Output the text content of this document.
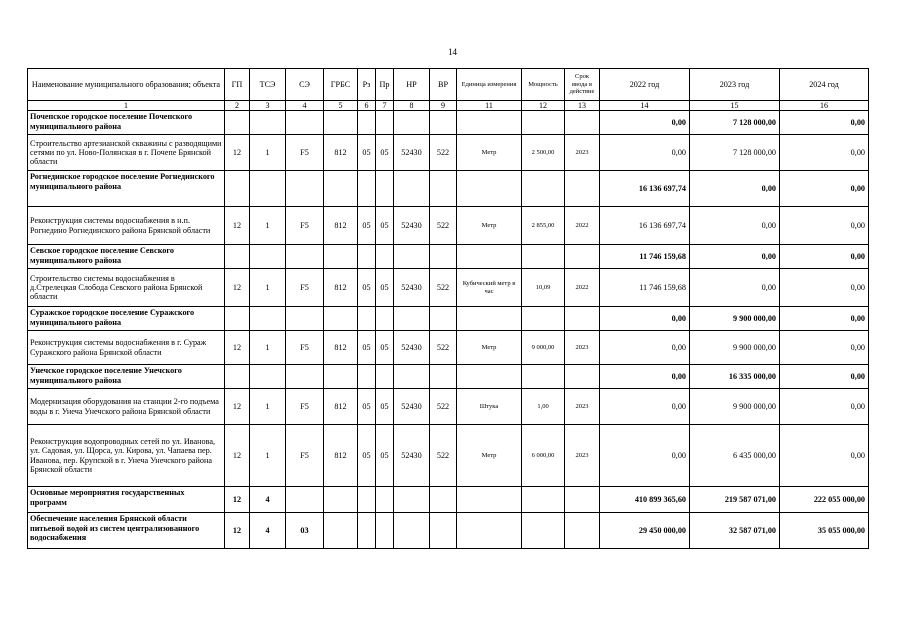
14
Наименование муниципального образования; объекта	ГП	ТСЭ	СЭ	ГРБС	Рз	Пр	НР	ВР	Единица измерения	Мощность	Срок ввода в действие	2022 год	2023 год	2024 год
1	2	3	4	5	6	7	8	9	11	12	13	14	15	16
Почепское городское поселение Почепского муниципального района												0,00	7 128 000,00	0,00
Строительство артезианской скважины с разводящими сетями по ул. Ново-Полянская в г. Почепе Брянской области	12	1	F5	812	05	05	52430	522	Метр	2 500,00	2023	0,00	7 128 000,00	0,00
Рогнединское городское поселение Рогнединского муниципального района												16 136 697,74	0,00	0,00
Реконструкция системы водоснабжения в н.п. Рогнедино Рогнединского района Брянской области	12	1	F5	812	05	05	52430	522	Метр	2 855,00	2022	16 136 697,74	0,00	0,00
Севское городское поселение Севского муниципального района												11 746 159,68	0,00	0,00
Строительство системы водоснабжения в д.Стрелецкая Слобода Севского района Брянской области	12	1	F5	812	05	05	52430	522	Кубический метр в час	10,09	2022	11 746 159,68	0,00	0,00
Суражское городское поселение Суражского муниципального района												0,00	9 900 000,00	0,00
Реконструкция системы водоснабжения в г. Сураж Суражского района Брянской области	12	1	F5	812	05	05	52430	522	Метр	9 000,00	2023	0,00	9 900 000,00	0,00
Унечское городское поселение Унечского муниципального района												0,00	16 335 000,00	0,00
Модернизация оборудования на станции 2-го подъема воды в г. Унеча Унечского района Брянской области	12	1	F5	812	05	05	52430	522	Штука	1,00	2023	0,00	9 900 000,00	0,00
Реконструкция водопроводных сетей по ул. Иванова, ул. Садовая, ул. Щорса, ул. Кирова, ул. Чапаева пер. Иванова, пер. Крупской в г. Унеча Унечского района Брянской области	12	1	F5	812	05	05	52430	522	Метр	6 000,00	2023	0,00	6 435 000,00	0,00
Основные мероприятия государственных программ	12	4										410 899 365,60	219 587 071,00	222 055 000,00
Обеспечение населения Брянской области питьевой водой из систем централизованного водоснабжения	12	4	03									29 450 000,00	32 587 071,00	35 055 000,00
